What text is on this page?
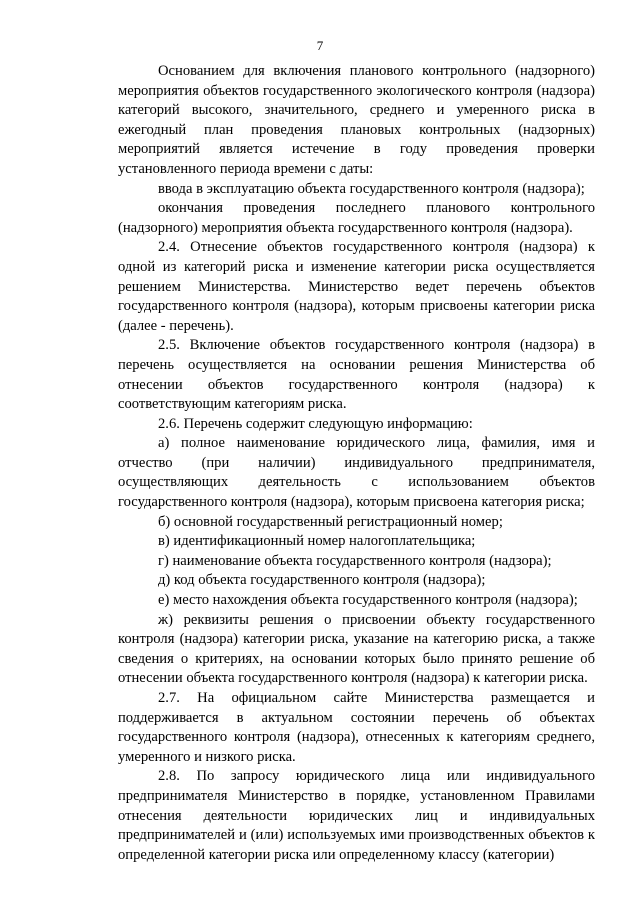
7

Основанием для включения планового контрольного (надзорного) мероприятия объектов государственного экологического контроля (надзора) категорий высокого, значительного, среднего и умеренного риска в ежегодный план проведения плановых контрольных (надзорных) мероприятий является истечение в году проведения проверки установленного периода времени с даты:

ввода в эксплуатацию объекта государственного контроля (надзора);

окончания проведения последнего планового контрольного (надзорного) мероприятия объекта государственного контроля (надзора).

2.4. Отнесение объектов государственного контроля (надзора) к одной из категорий риска и изменение категории риска осуществляется решением Министерства. Министерство ведет перечень объектов государственного контроля (надзора), которым присвоены категории риска (далее - перечень).

2.5. Включение объектов государственного контроля (надзора) в перечень осуществляется на основании решения Министерства об отнесении объектов государственного контроля (надзора) к соответствующим категориям риска.

2.6. Перечень содержит следующую информацию:

а) полное наименование юридического лица, фамилия, имя и отчество (при наличии) индивидуального предпринимателя, осуществляющих деятельность с использованием объектов государственного контроля (надзора), которым присвоена категория риска;

б) основной государственный регистрационный номер;

в) идентификационный номер налогоплательщика;

г) наименование объекта государственного контроля (надзора);

д) код объекта государственного контроля (надзора);

е) место нахождения объекта государственного контроля (надзора);

ж) реквизиты решения о присвоении объекту государственного контроля (надзора) категории риска, указание на категорию риска, а также сведения о критериях, на основании которых было принято решение об отнесении объекта государственного контроля (надзора) к категории риска.

2.7. На официальном сайте Министерства размещается и поддерживается в актуальном состоянии перечень об объектах государственного контроля (надзора), отнесенных к категориям среднего, умеренного и низкого риска.

2.8. По запросу юридического лица или индивидуального предпринимателя Министерство в порядке, установленном Правилами отнесения деятельности юридических лиц и индивидуальных предпринимателей и (или) используемых ими производственных объектов к определенной категории риска или определенному классу (категории)
